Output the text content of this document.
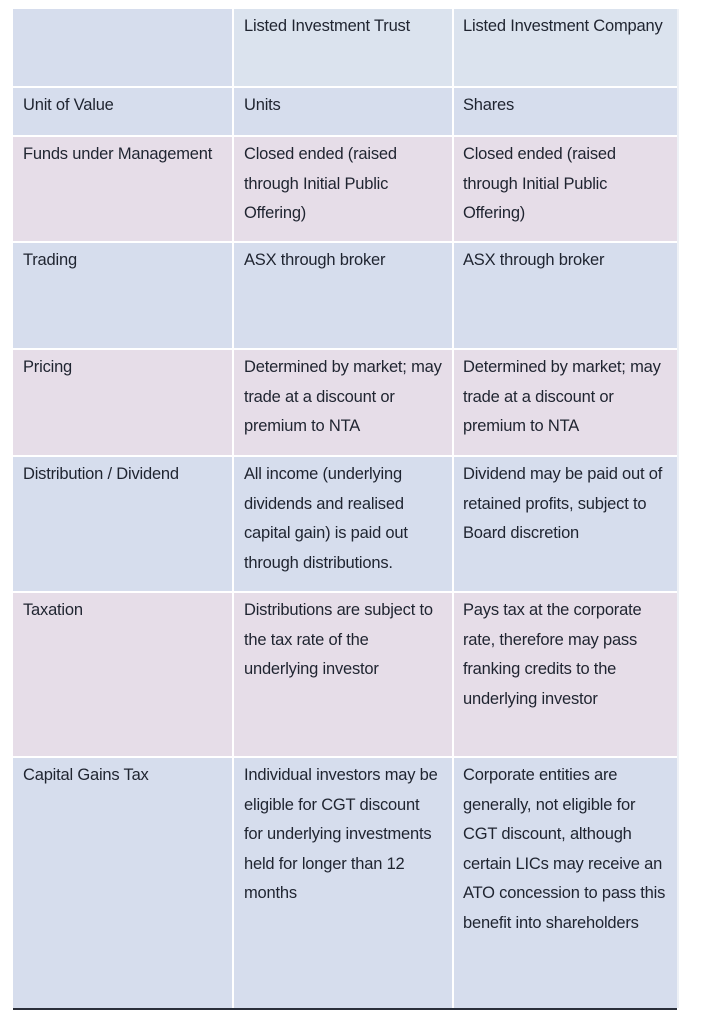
	Listed Investment Trust	Listed Investment Company
Unit of Value	Units	Shares
Funds under Management	Closed ended (raised through Initial Public Offering)	Closed ended (raised through Initial Public Offering)
Trading	ASX through broker	ASX through broker
Pricing	Determined by market; may trade at a discount or premium to NTA	Determined by market; may trade at a discount or premium to NTA
Distribution / Dividend	All income (underlying dividends and realised capital gain) is paid out through distributions.	Dividend may be paid out of retained profits, subject to Board discretion
Taxation	Distributions are subject to the tax rate of the underlying investor	Pays tax at the corporate rate, therefore may pass franking credits to the underlying investor
Capital Gains Tax	Individual investors may be eligible for CGT discount for underlying investments held for longer than 12 months	Corporate entities are generally, not eligible for CGT discount, although certain LICs may receive an ATO concession to pass this benefit into shareholders
